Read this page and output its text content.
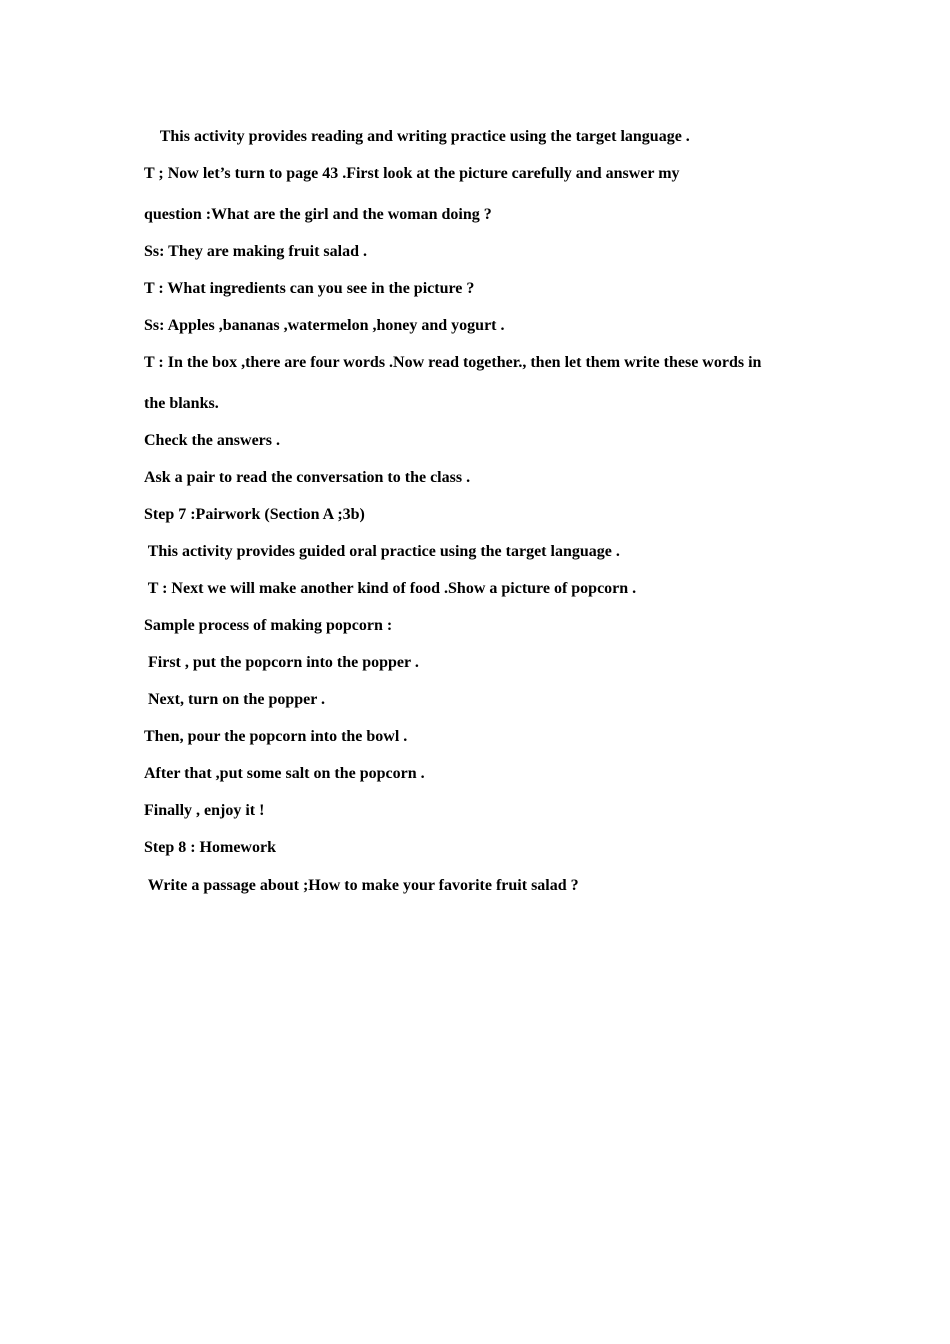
This activity provides reading and writing practice using the target language .

T ; Now let’s turn to page 43 .First look at the picture carefully and answer my

question :What are the girl and the woman doing ?

Ss: They are making fruit salad .

T : What ingredients can you see in the picture ?

Ss: Apples ,bananas ,watermelon ,honey and yogurt .

T : In the box ,there are four words .Now read together., then let them write these words in

the blanks.

Check the answers .

Ask a pair to read the conversation to the class .

Step 7 :Pairwork (Section A ;3b)

This activity provides guided oral practice using the target language .

T : Next we will make another kind of food .Show a picture of popcorn .

Sample process of making popcorn :

First , put the popcorn into the popper .

Next, turn on the popper .

Then, pour the popcorn into the bowl .

After that ,put some salt on the popcorn .

Finally , enjoy it !

Step 8 : Homework

Write a passage about ;How to make your favorite fruit salad ?
